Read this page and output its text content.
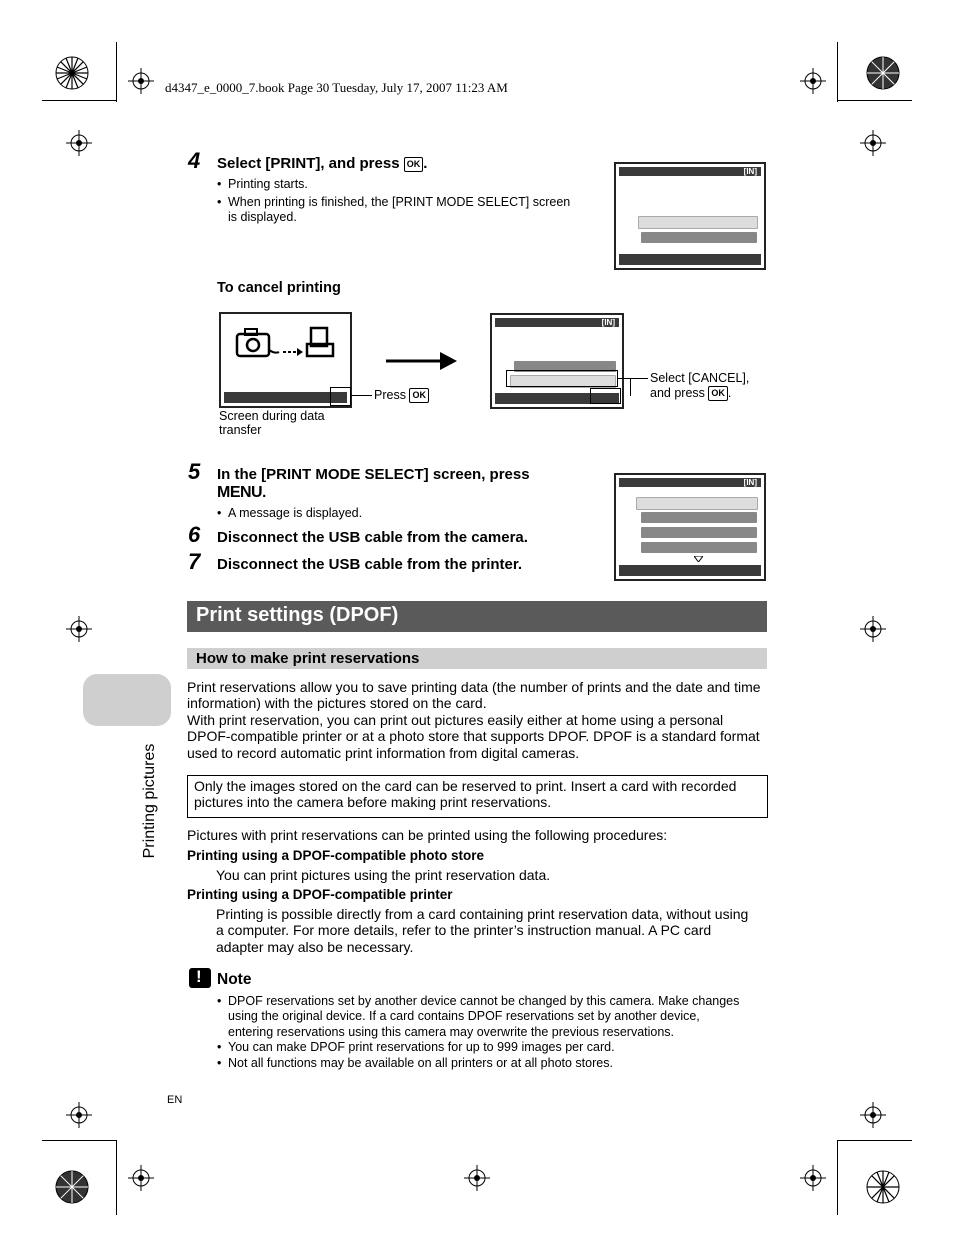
d4347_e_0000_7.book Page 30 Tuesday, July 17, 2007 11:23 AM
4 Select [PRINT], and press OK .
• Printing starts.
• When printing is finished, the [PRINT MODE SELECT] screen
is displayed.
[IN]
To cancel printing
Press OK
Screen during data
transfer
[IN]
Select [CANCEL],
and press OK .
5 In the [PRINT MODE SELECT] screen, press
MENU.
• A message is displayed.
6 Disconnect the USB cable from the camera.
7 Disconnect the USB cable from the printer.
[IN]
Print settings (DPOF)
How to make print reservations
Printing pictures
Print reservations allow you to save printing data (the number of prints and the date and time
information) with the pictures stored on the card.
With print reservation, you can print out pictures easily either at home using a personal
DPOF-compatible printer or at a photo store that supports DPOF. DPOF is a standard format
used to record automatic print information from digital cameras.
Only the images stored on the card can be reserved to print. Insert a card with recorded
pictures into the camera before making print reservations.
Pictures with print reservations can be printed using the following procedures:
Printing using a DPOF-compatible photo store
You can print pictures using the print reservation data.
Printing using a DPOF-compatible printer
Printing is possible directly from a card containing print reservation data, without using
a computer. For more details, refer to the printer’s instruction manual. A PC card
adapter may also be necessary.
!
Note
• DPOF reservations set by another device cannot be changed by this camera. Make changes
using the original device. If a card contains DPOF reservations set by another device,
entering reservations using this camera may overwrite the previous reservations.
• You can make DPOF print reservations for up to 999 images per card.
• Not all functions may be available on all printers or at all photo stores.
EN
